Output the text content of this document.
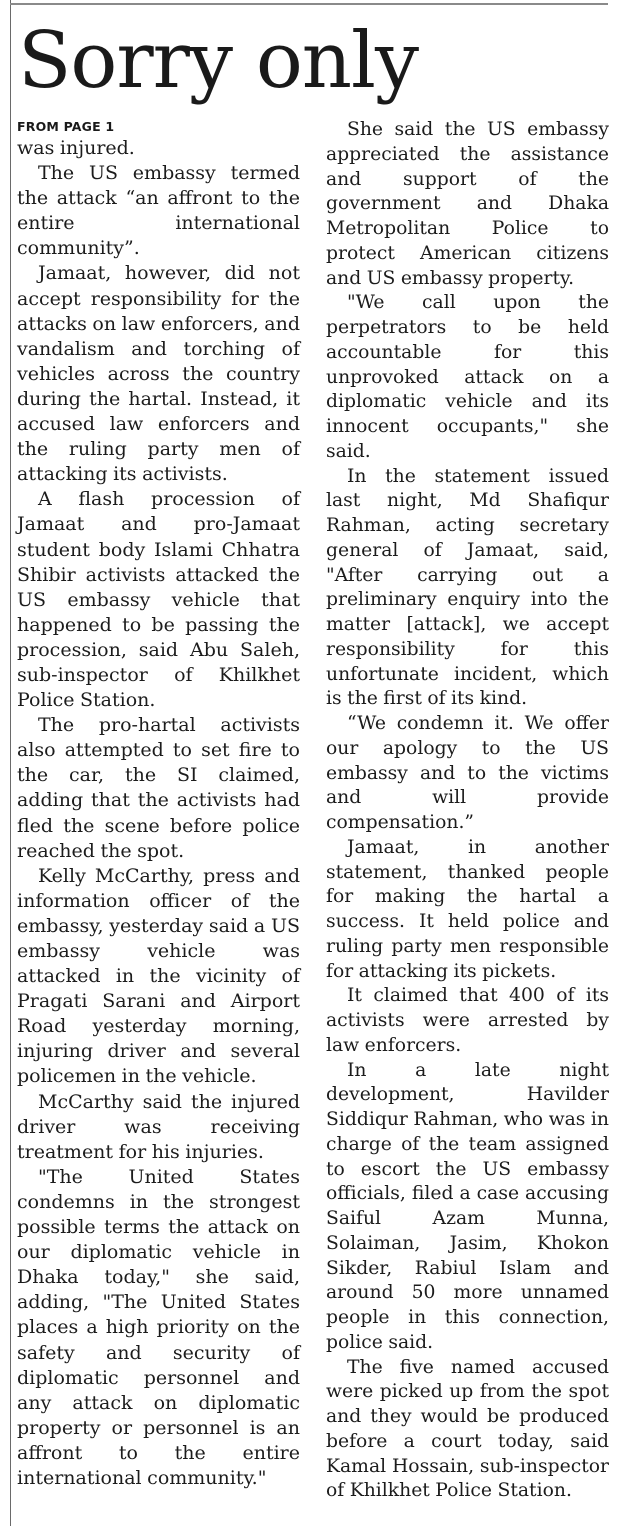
Sorry only
FROM PAGE 1

was injured.

The US embassy termed the attack “an affront to the entire international community”.

Jamaat, however, did not accept responsibility for the attacks on law enforcers, and vandalism and torching of vehicles across the country during the hartal. Instead, it accused law enforcers and the ruling party men of attacking its activists.

A flash procession of Jamaat and pro-Jamaat student body Islami Chhatra Shibir activists attacked the US embassy vehicle that happened to be passing the procession, said Abu Saleh, sub-inspector of Khilkhet Police Station.

The pro-hartal activists also attempted to set fire to the car, the SI claimed, adding that the activists had fled the scene before police reached the spot.

Kelly McCarthy, press and information officer of the embassy, yesterday said a US embassy vehicle was attacked in the vicinity of Pragati Sarani and Airport Road yesterday morning, injuring driver and several policemen in the vehicle.

McCarthy said the injured driver was receiving treatment for his injuries.

"The United States condemns in the strongest possible terms the attack on our diplomatic vehicle in Dhaka today," she said, adding, "The United States places a high priority on the safety and security of diplomatic personnel and any attack on diplomatic property or personnel is an affront to the entire international community."

She said the US embassy appreciated the assistance and support of the government and Dhaka Metropolitan Police to protect American citizens and US embassy property.

"We call upon the perpetrators to be held accountable for this unprovoked attack on a diplomatic vehicle and its innocent occupants," she said.

In the statement issued last night, Md Shafiqur Rahman, acting secretary general of Jamaat, said, "After carrying out a preliminary enquiry into the matter [attack], we accept responsibility for this unfortunate incident, which is the first of its kind.

“We condemn it. We offer our apology to the US embassy and to the victims and will provide compensation.”

Jamaat, in another statement, thanked people for making the hartal a success. It held police and ruling party men responsible for attacking its pickets.

It claimed that 400 of its activists were arrested by law enforcers.

In a late night development, Havilder Siddiqur Rahman, who was in charge of the team assigned to escort the US embassy officials, filed a case accusing Saiful Azam Munna, Solaiman, Jasim, Khokon Sikder, Rabiul Islam and around 50 more unnamed people in this connection, police said.

The five named accused were picked up from the spot and they would be produced before a court today, said Kamal Hossain, sub-inspector of Khilkhet Police Station.
